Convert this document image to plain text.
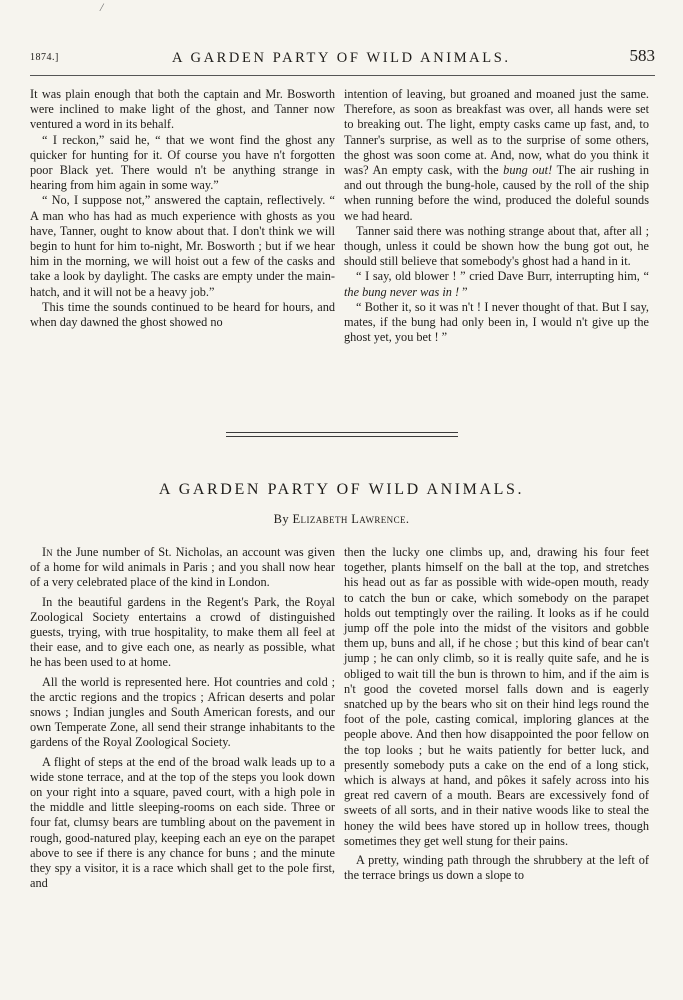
/
1874.]	A GARDEN PARTY OF WILD ANIMALS.	583

It was plain enough that both the captain and Mr. Bosworth were inclined to make light of the ghost, and Tanner now ventured a word in its behalf.

“ I reckon,” said he, “ that we wont find the ghost any quicker for hunting for it. Of course you have n't forgotten poor Black yet. There would n't be anything strange in hearing from him again in some way.”

“ No, I suppose not,” answered the captain, reflectively. “ A man who has had as much experience with ghosts as you have, Tanner, ought to know about that. I don't think we will begin to hunt for him to-night, Mr. Bosworth ; but if we hear him in the morning, we will hoist out a few of the casks and take a look by daylight. The casks are empty under the main-hatch, and it will not be a heavy job.”

This time the sounds continued to be heard for hours, and when day dawned the ghost showed no

intention of leaving, but groaned and moaned just the same. Therefore, as soon as breakfast was over, all hands were set to breaking out. The light, empty casks came up fast, and, to Tanner's surprise, as well as to the surprise of some others, the ghost was soon come at. And, now, what do you think it was? An empty cask, with the bung out! The air rushing in and out through the bung-hole, caused by the roll of the ship when running before the wind, produced the doleful sounds we had heard.

Tanner said there was nothing strange about that, after all ; though, unless it could be shown how the bung got out, he should still believe that somebody's ghost had a hand in it.

“ I say, old blower ! ” cried Dave Burr, interrupting him, “ the bung never was in ! ”

“ Bother it, so it was n't ! I never thought of that. But I say, mates, if the bung had only been in, I would n't give up the ghost yet, you bet ! ”

A GARDEN PARTY OF WILD ANIMALS.
By Elizabeth Lawrence.

In the June number of St. Nicholas, an account was given of a home for wild animals in Paris ; and you shall now hear of a very celebrated place of the kind in London.

In the beautiful gardens in the Regent's Park, the Royal Zoological Society entertains a crowd of distinguished guests, trying, with true hospitality, to make them all feel at their ease, and to give each one, as nearly as possible, what he has been used to at home.

All the world is represented here. Hot countries and cold ; the arctic regions and the tropics ; African deserts and polar snows ; Indian jungles and South American forests, and our own Temperate Zone, all send their strange inhabitants to the gardens of the Royal Zoological Society.

A flight of steps at the end of the broad walk leads up to a wide stone terrace, and at the top of the steps you look down on your right into a square, paved court, with a high pole in the middle and little sleeping-rooms on each side. Three or four fat, clumsy bears are tumbling about on the pavement in rough, good-natured play, keeping each an eye on the parapet above to see if there is any chance for buns ; and the minute they spy a visitor, it is a race which shall get to the pole first, and

then the lucky one climbs up, and, drawing his four feet together, plants himself on the ball at the top, and stretches his head out as far as possible with wide-open mouth, ready to catch the bun or cake, which somebody on the parapet holds out temptingly over the railing. It looks as if he could jump off the pole into the midst of the visitors and gobble them up, buns and all, if he chose ; but this kind of bear can't jump ; he can only climb, so it is really quite safe, and he is obliged to wait till the bun is thrown to him, and if the aim is n't good the coveted morsel falls down and is eagerly snatched up by the bears who sit on their hind legs round the foot of the pole, casting comical, imploring glances at the people above. And then how disappointed the poor fellow on the top looks ; but he waits patiently for better luck, and presently somebody puts a cake on the end of a long stick, which is always at hand, and pôkes it safely across into his great red cavern of a mouth. Bears are excessively fond of sweets of all sorts, and in their native woods like to steal the honey the wild bees have stored up in hollow trees, though sometimes they get well stung for their pains.

A pretty, winding path through the shrubbery at the left of the terrace brings us down a slope to
